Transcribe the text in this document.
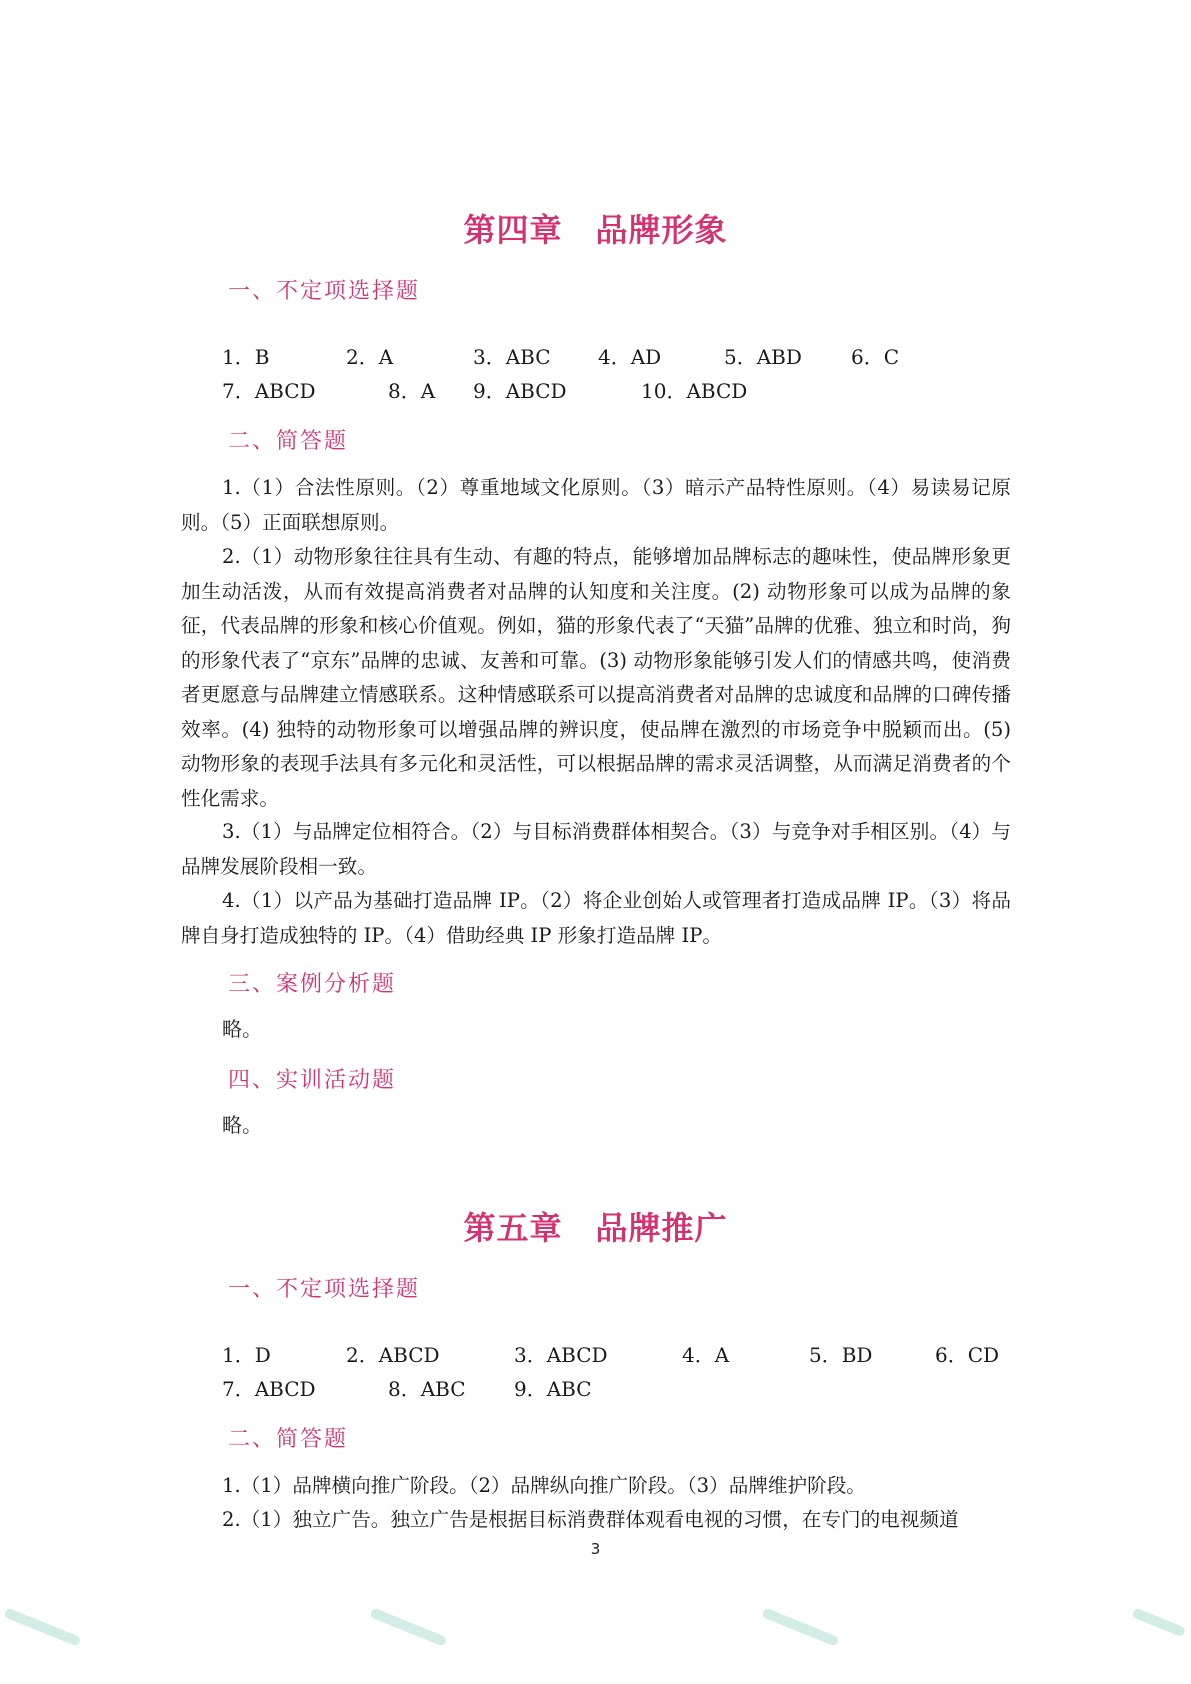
第四章　品牌形象
一、不定项选择题
1．B	2．A	3．ABC 4．AD	5．ABD 6．C
7．ABCD	8．A 9．ABCD	10．ABCD
二、简答题
1.（1）合法性原则。（2）尊重地域文化原则。（3）暗示产品特性原则。（4）易读易记原则。（5）正面联想原则。
2.（1）动物形象往往具有生动、有趣的特点，能够增加品牌标志的趣味性，使品牌形象更加生动活泼，从而有效提高消费者对品牌的认知度和关注度。(2) 动物形象可以成为品牌的象征，代表品牌的形象和核心价值观。例如，猫的形象代表了“天猫”品牌的优雅、独立和时尚，狗的形象代表了“京东”品牌的忠诚、友善和可靠。(3) 动物形象能够引发人们的情感共鸣，使消费者更愿意与品牌建立情感联系。这种情感联系可以提高消费者对品牌的忠诚度和品牌的口碑传播效率。(4) 独特的动物形象可以增强品牌的辨识度，使品牌在激烈的市场竞争中脱颖而出。(5) 动物形象的表现手法具有多元化和灵活性，可以根据品牌的需求灵活调整，从而满足消费者的个性化需求。
3.（1）与品牌定位相符合。（2）与目标消费群体相契合。（3）与竞争对手相区别。（4）与品牌发展阶段相一致。
4.（1）以产品为基础打造品牌 IP。（2）将企业创始人或管理者打造成品牌 IP。（3）将品牌自身打造成独特的 IP。（4）借助经典 IP 形象打造品牌 IP。
三、案例分析题
略。
四、实训活动题
略。
第五章　品牌推广
一、不定项选择题
1．D	2．ABCD	3．ABCD	4．A	5．BD	6．CD
7．ABCD	8．ABC 9．ABC
二、简答题
1.（1）品牌横向推广阶段。（2）品牌纵向推广阶段。（3）品牌维护阶段。
2.（1）独立广告。独立广告是根据目标消费群体观看电视的习惯，在专门的电视频道
3
